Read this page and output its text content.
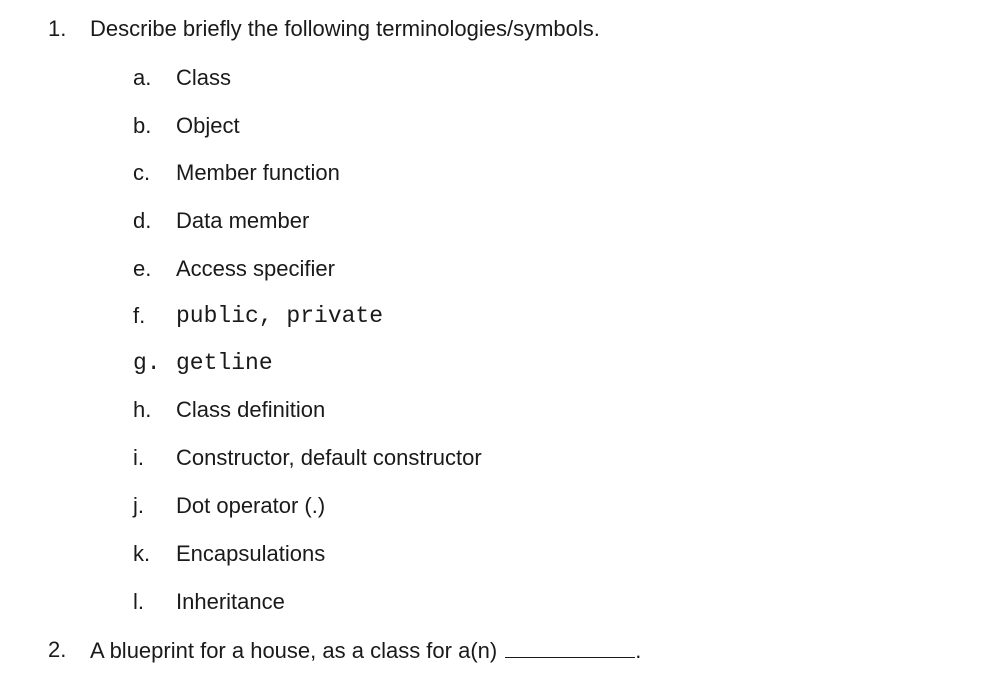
1. Describe briefly the following terminologies/symbols.
a. Class
b. Object
c. Member function
d. Data member
e. Access specifier
f. public, private
g. getline
h. Class definition
i. Constructor, default constructor
j. Dot operator (.)
k. Encapsulations
l. Inheritance
2. A blueprint for a house, as a class for a(n)	.
